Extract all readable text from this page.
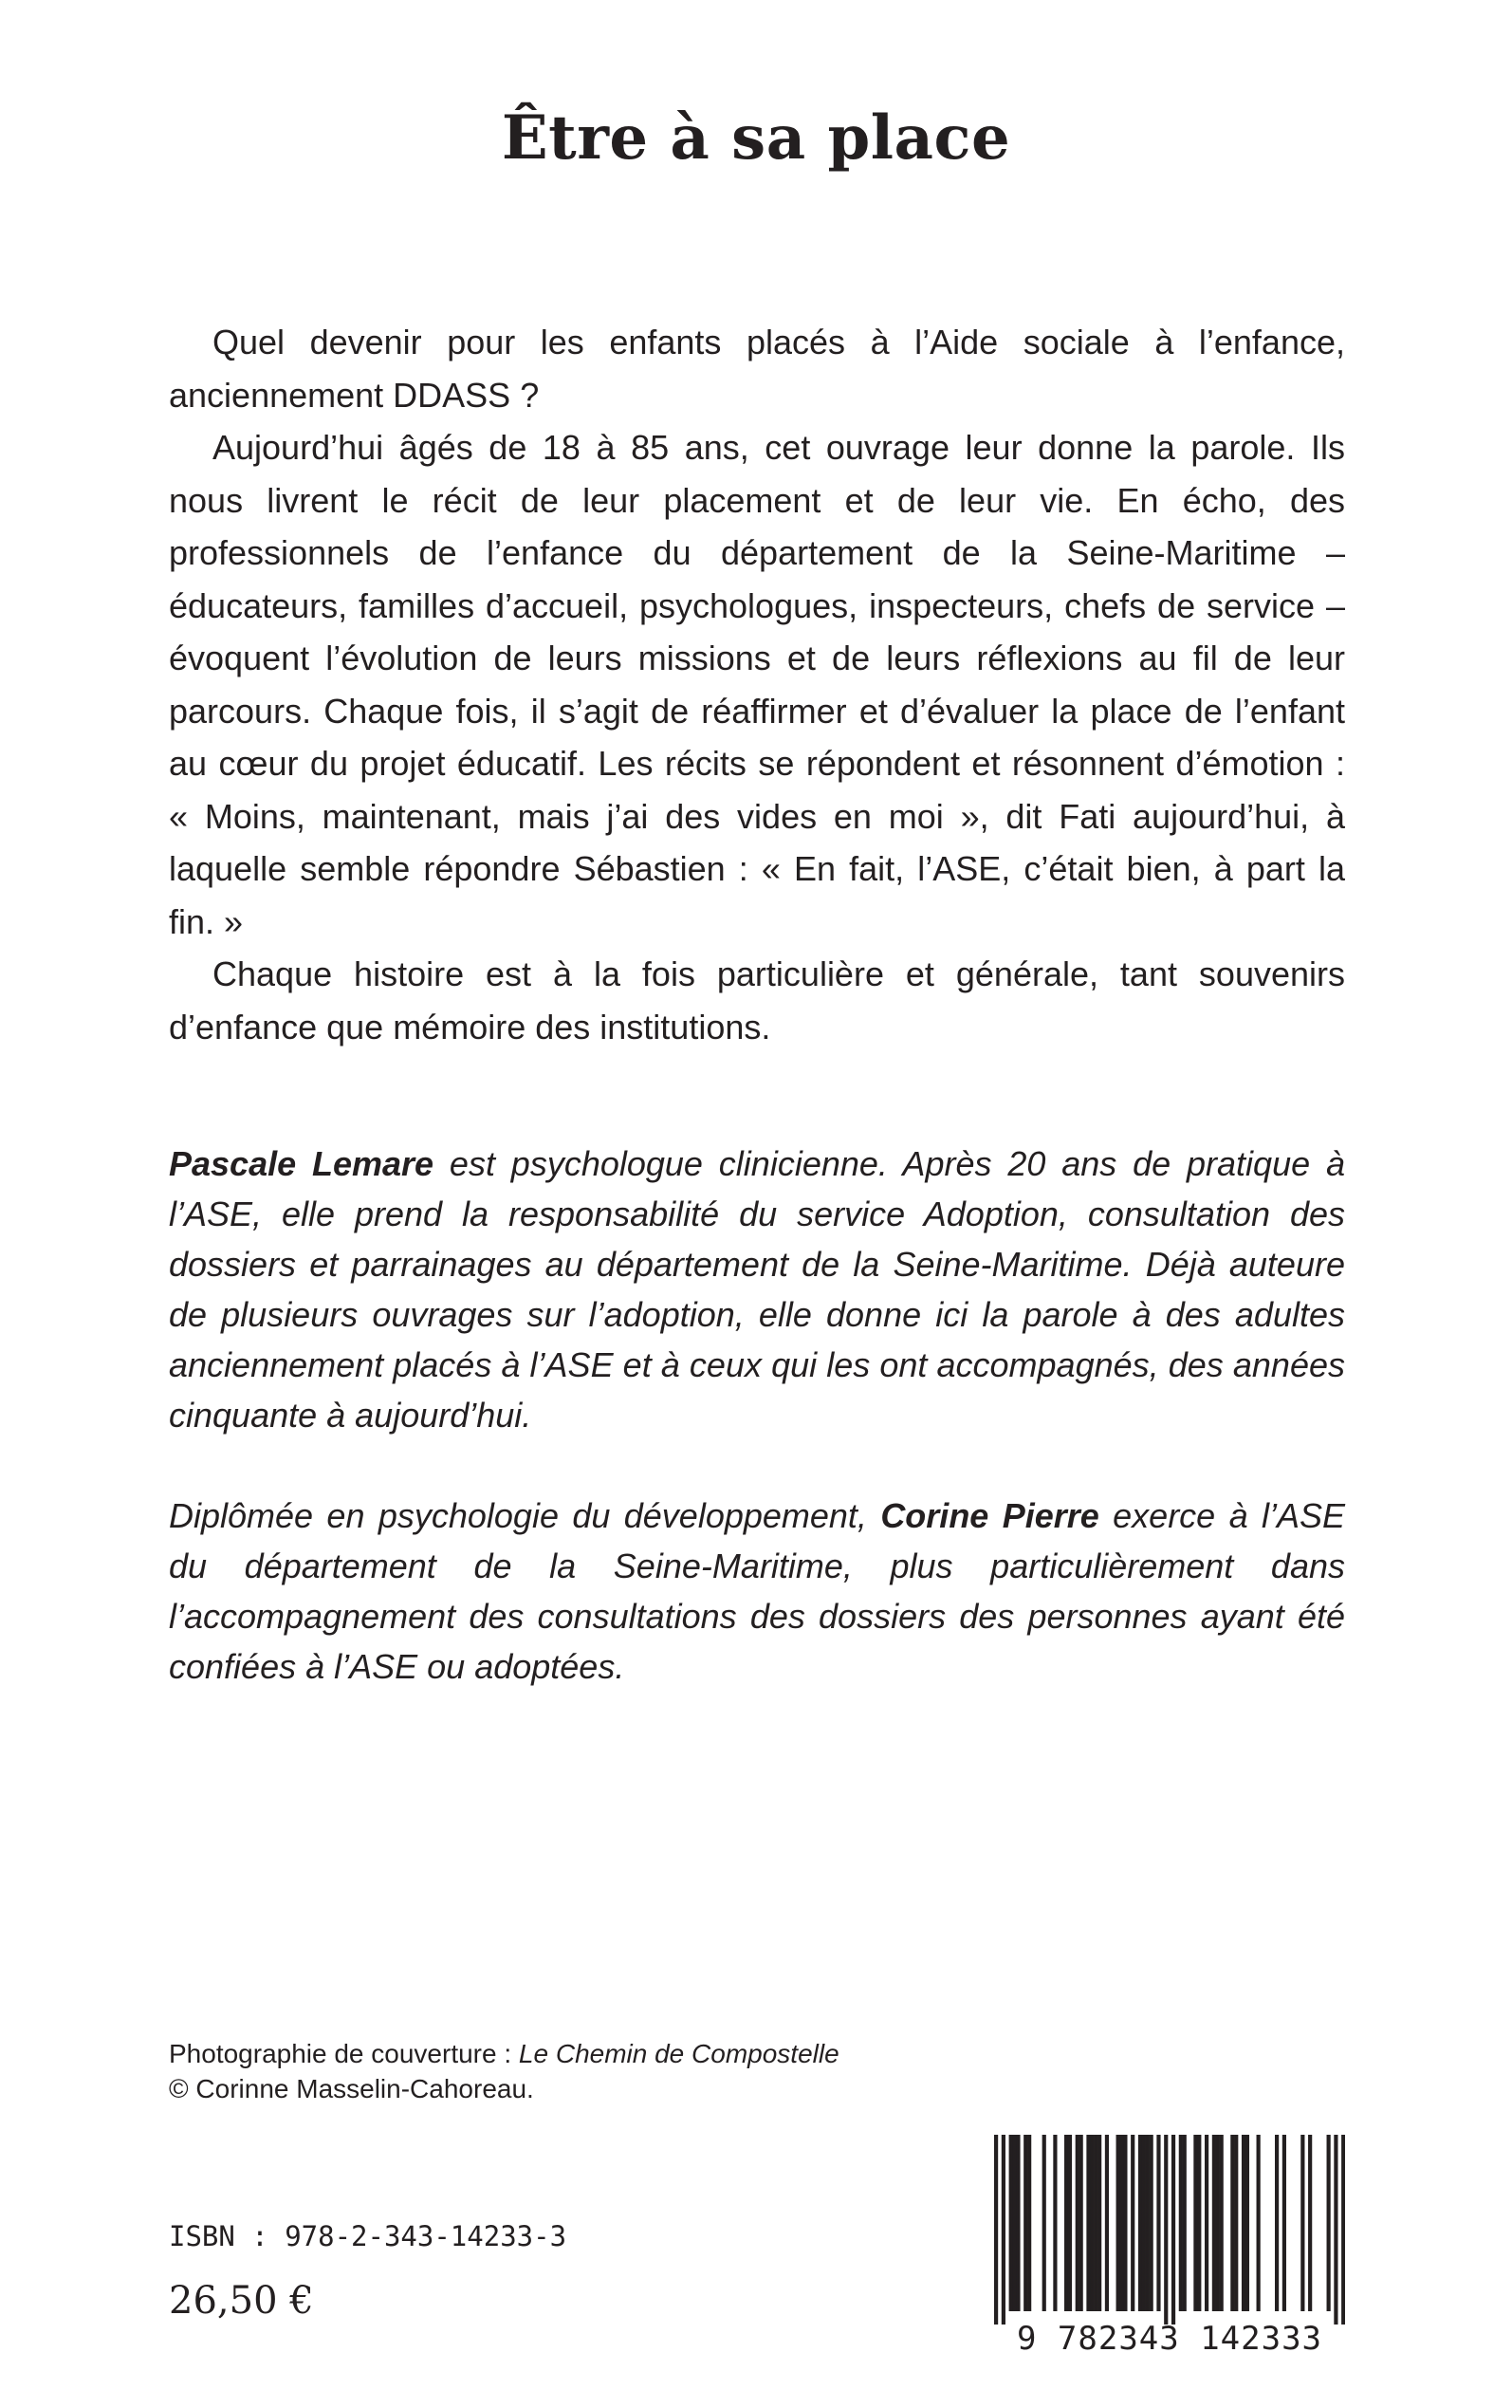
Être à sa place

Quel devenir pour les enfants placés à l’Aide sociale à l’enfance, anciennement DDASS ?

Aujourd’hui âgés de 18 à 85 ans, cet ouvrage leur donne la parole. Ils nous livrent le récit de leur placement et de leur vie. En écho, des professionnels de l’enfance du département de la Seine-Maritime – éducateurs, familles d’accueil, psychologues, inspecteurs, chefs de service – évoquent l’évolution de leurs missions et de leurs réflexions au fil de leur parcours. Chaque fois, il s’agit de réaffirmer et d’évaluer la place de l’enfant au cœur du projet éducatif. Les récits se répondent et résonnent d’émotion : « Moins, maintenant, mais j’ai des vides en moi », dit Fati aujourd’hui, à laquelle semble répondre Sébastien : « En fait, l’ASE, c’était bien, à part la fin. »

Chaque histoire est à la fois particulière et générale, tant souvenirs d’enfance que mémoire des institutions.

Pascale Lemare est psychologue clinicienne. Après 20 ans de pratique à l’ASE, elle prend la responsabilité du service Adoption, consultation des dossiers et parrainages au département de la Seine-Maritime. Déjà auteure de plusieurs ouvrages sur l’adoption, elle donne ici la parole à des adultes anciennement placés à l’ASE et à ceux qui les ont accompagnés, des années cinquante à aujourd’hui.

Diplômée en psychologie du développement, Corine Pierre exerce à l’ASE du département de la Seine-Maritime, plus particulièrement dans l’accompagnement des consultations des dossiers des personnes ayant été confiées à l’ASE ou adoptées.

Photographie de couverture : Le Chemin de Compostelle
© Corinne Masselin-Cahoreau.
ISBN : 978-2-343-14233-3
26,50 €
9 782343 142333
